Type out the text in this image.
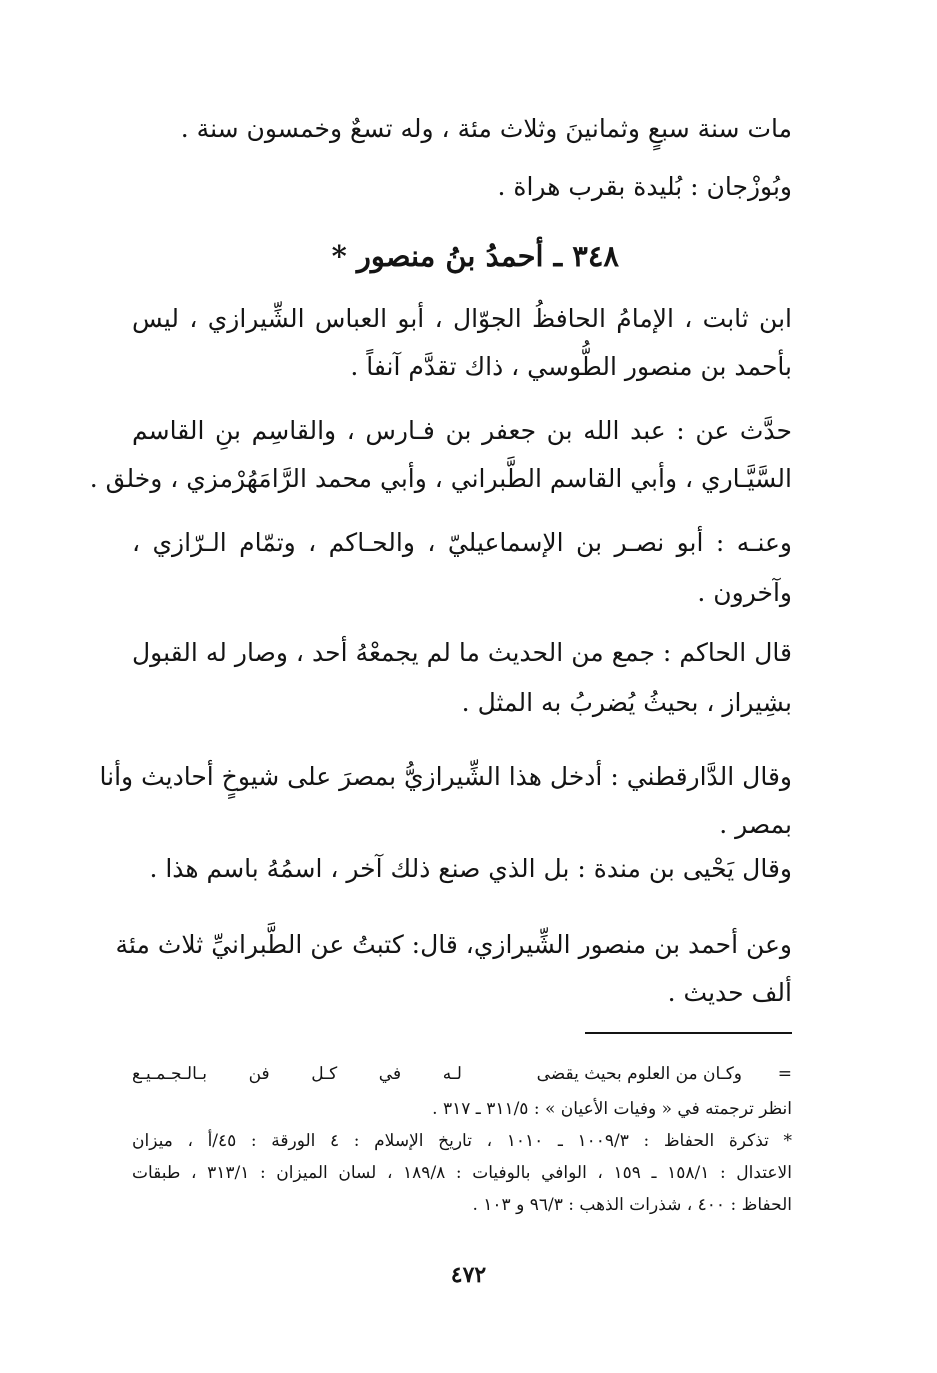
مات سنة سبعٍ وثمانينَ وثلاث مئة ، وله تسعٌ وخمسون سنة .
وبُوزْجان : بُليدة بقرب هراة .
٣٤٨ ـ أحمدُ بنُ منصور *
ابن ثابت ، الإمامُ الحافظُ الجوّال ، أبو العباس الشِّيرازي ، ليس
بأحمد بن منصور الطُّوسي ، ذاك تقدَّم آنفاً .
حدَّث عن : عبد الله بن جعفر بن فـارس ، والقاسِم بنِ القاسم
السَّيَّـاري ، وأبي القاسم الطَّبراني ، وأبي محمد الرَّامَهُرْمزي ، وخلق .
وعنـه : أبو نصـر بن الإسماعيليّ ، والحـاكم ، وتمّام الـرّازي ،
وآخرون .
قال الحاكم : جمع من الحديث ما لم يجمعْهُ أحد ، وصار له القبول
بشِيراز ، بحيثُ يُضربُ به المثل .
وقال الدَّارقطني : أدخل هذا الشِّيرازيُّ بمصرَ على شيوخٍ أحاديث وأنا
بمصر .
وقال يَحْيى بن مندة : بل الذي صنع ذلك آخر ، اسمُهُ باسم هذا .
وعن أحمد بن منصور الشِّيرازي، قال: كتبتُ عن الطَّبرانيِّ ثلاث مئة
ألف حديث .
=
وكـان من العلوم بحيث يقضى
لـه في كـل فن بـالـجـمـيـع
انظر ترجمته في « وفيات الأعيان » : ٣١١/٥ ـ ٣١٧ .
* تذكرة الحفاظ : ١٠٠٩/٣ ـ ١٠١٠ ، تاريخ الإسلام : ٤ الورقة : ٤٥/أ ، ميزان
الاعتدال : ١٥٨/١ ـ ١٥٩ ، الوافي بالوفيات : ١٨٩/٨ ، لسان الميزان : ٣١٣/١ ، طبقات
الحفاظ : ٤٠٠ ، شذرات الذهب : ٩٦/٣ و ١٠٣ .
٤٧٢
